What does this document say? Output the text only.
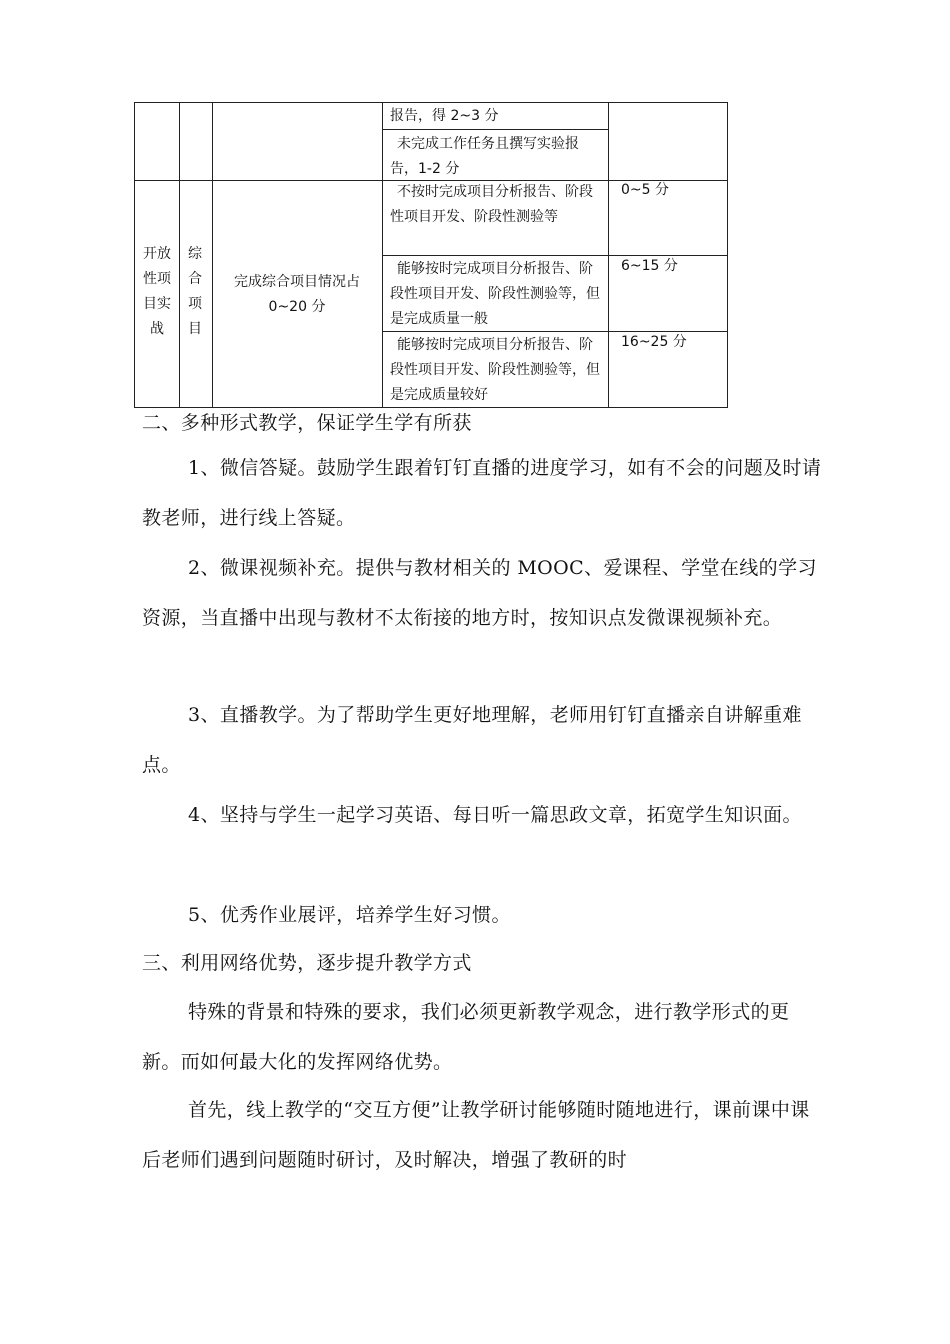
报告，得 2~3 分
未完成工作任务且撰写实验报告，1-2 分
开放性项目实战
综合项目
完成综合项目情况占 0~20 分
不按时完成项目分析报告、阶段性项目开发、阶段性测验等
0~5 分
能够按时完成项目分析报告、阶段性项目开发、阶段性测验等，但是完成质量一般
6~15 分
能够按时完成项目分析报告、阶段性项目开发、阶段性测验等，但是完成质量较好
16~25 分
二、多种形式教学，保证学生学有所获
1、微信答疑。鼓励学生跟着钉钉直播的进度学习，如有不会的问题及时请教老师，进行线上答疑。
2、微课视频补充。提供与教材相关的 MOOC、爱课程、学堂在线的学习资源，当直播中出现与教材不太衔接的地方时，按知识点发微课视频补充。
3、直播教学。为了帮助学生更好地理解，老师用钉钉直播亲自讲解重难点。
4、坚持与学生一起学习英语、每日听一篇思政文章，拓宽学生知识面。
5、优秀作业展评，培养学生好习惯。
三、利用网络优势，逐步提升教学方式
特殊的背景和特殊的要求，我们必须更新教学观念，进行教学形式的更新。而如何最大化的发挥网络优势。
首先，线上教学的“交互方便”让教学研讨能够随时随地进行，课前课中课后老师们遇到问题随时研讨，及时解决，增强了教研的时
